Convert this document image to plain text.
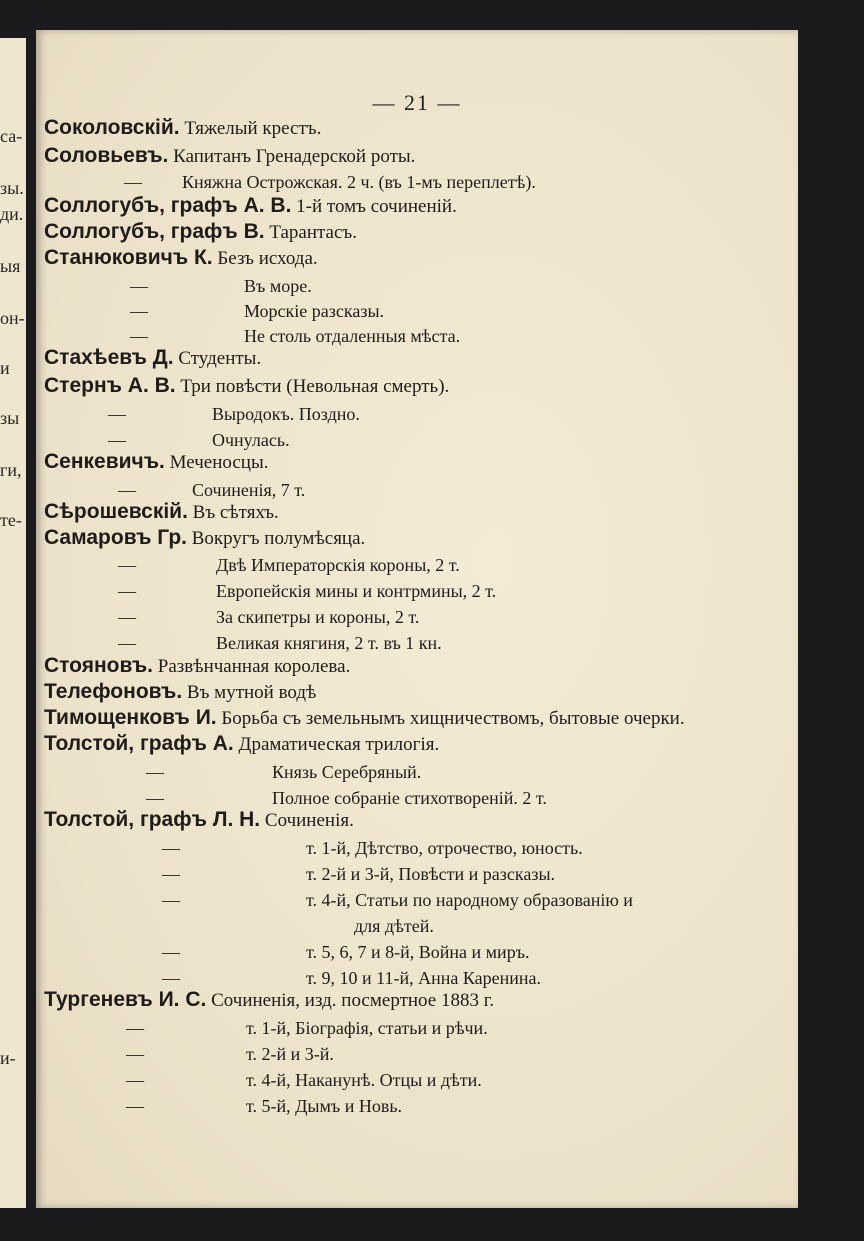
са-
зы.
ди.
ыя
он-
и
зы
ги,
те-
и-
— 21 —
Соколовскій. Тяжелый крестъ.
Соловьевъ. Капитанъ Гренадерской роты.
— Княжна Острожская. 2 ч. (въ 1-мъ переплетѣ).
Соллогубъ, графъ А. В. 1-й томъ сочиненій.
Соллогубъ, графъ В. Тарантасъ.
Станюковичъ К. Безъ исхода.
—	Въ море.
—	Морскіе разсказы.
—	Не столь отдаленныя мѣста.
Стахѣевъ Д. Студенты.
Стернъ А. В. Три повѣсти (Невольная смерть).
—	Выродокъ. Поздно.
—	Очнулась.
Сенкевичъ. Меченосцы.
—	Сочиненія, 7 т.
Сѣрошевскій. Въ сѣтяхъ.
Самаровъ Гр. Вокругъ полумѣсяца.
—	Двѣ Императорскія короны, 2 т.
—	Европейскія мины и контрмины, 2 т.
—	За скипетры и короны, 2 т.
—	Великая княгиня, 2 т. въ 1 кн.
Стояновъ. Развѣнчанная королева.
Телефоновъ. Въ мутной водѣ
Тимощенковъ И. Борьба съ земельнымъ хищничествомъ, бытовые очерки.
Толстой, графъ А. Драматическая трилогія.
—	Князь Серебряный.
—	Полное собраніе стихотвореній. 2 т.
Толстой, графъ Л. Н. Сочиненія.
—	т. 1-й, Дѣтство, отрочество, юность.
—	т. 2-й и 3-й, Повѣсти и разсказы.
—	т. 4-й, Статьи по народному образованію и
для дѣтей.
—	т. 5, 6, 7 и 8-й, Война и миръ.
—	т. 9, 10 и 11-й, Анна Каренина.
Тургеневъ И. С. Сочиненія, изд. посмертное 1883 г.
—	т. 1-й, Біографія, статьи и рѣчи.
—	т. 2-й и 3-й.
—	т. 4-й, Наканунѣ. Отцы и дѣти.
—	т. 5-й, Дымъ и Новь.
